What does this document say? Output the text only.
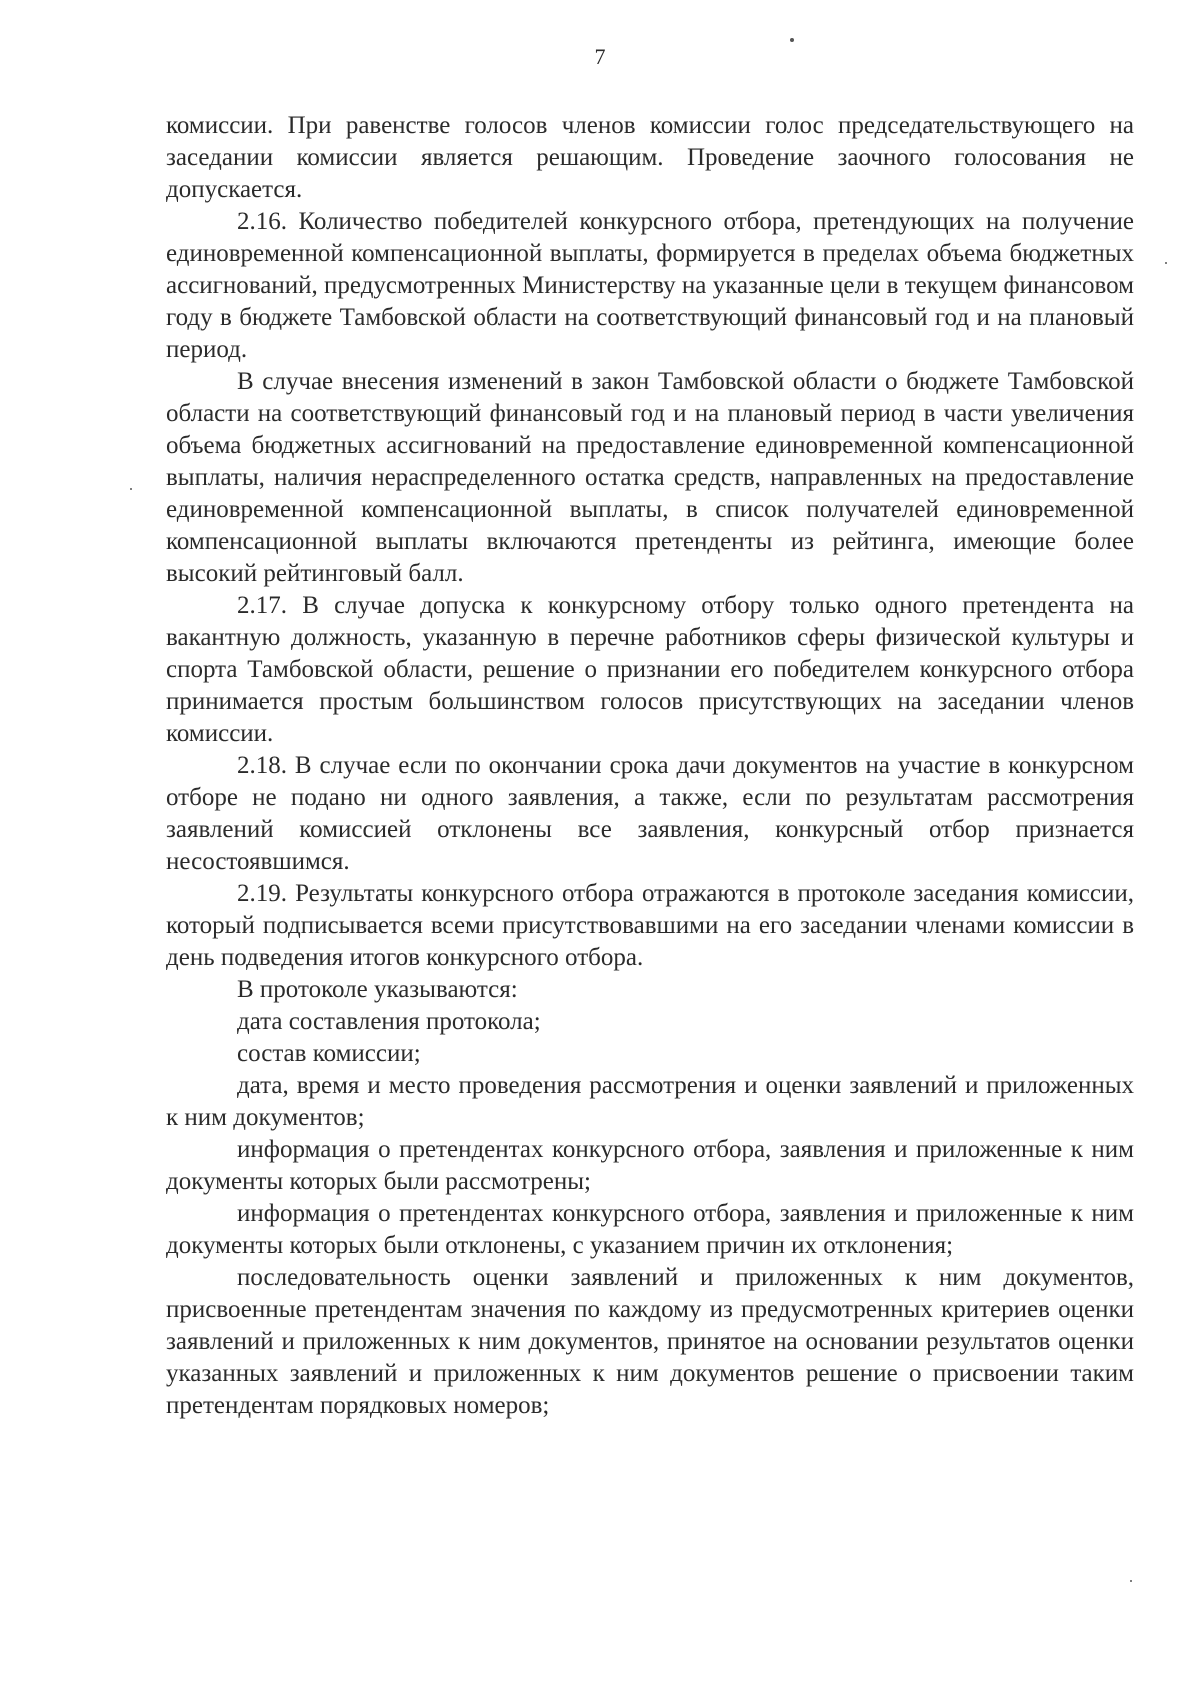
7

комиссии. При равенстве голосов членов комиссии голос председательствующего на заседании комиссии является решающим. Проведение заочного голосования не допускается.

2.16. Количество победителей конкурсного отбора, претендующих на получение единовременной компенсационной выплаты, формируется в пределах объема бюджетных ассигнований, предусмотренных Министерству на указанные цели в текущем финансовом году в бюджете Тамбовской области на соответствующий финансовый год и на плановый период.

В случае внесения изменений в закон Тамбовской области о бюджете Тамбовской области на соответствующий финансовый год и на плановый период в части увеличения объема бюджетных ассигнований на предоставление единовременной компенсационной выплаты, наличия нераспределенного остатка средств, направленных на предоставление единовременной компенсационной выплаты, в список получателей единовременной компенсационной выплаты включаются претенденты из рейтинга, имеющие более высокий рейтинговый балл.

2.17. В случае допуска к конкурсному отбору только одного претендента на вакантную должность, указанную в перечне работников сферы физической культуры и спорта Тамбовской области, решение о признании его победителем конкурсного отбора принимается простым большинством голосов присутствующих на заседании членов комиссии.

2.18. В случае если по окончании срока дачи документов на участие в конкурсном отборе не подано ни одного заявления, а также, если по результатам рассмотрения заявлений комиссией отклонены все заявления, конкурсный отбор признается несостоявшимся.

2.19. Результаты конкурсного отбора отражаются в протоколе заседания комиссии, который подписывается всеми присутствовавшими на его заседании членами комиссии в день подведения итогов конкурсного отбора.

В протоколе указываются:

дата составления протокола;

состав комиссии;

дата, время и место проведения рассмотрения и оценки заявлений и приложенных к ним документов;

информация о претендентах конкурсного отбора, заявления и приложенные к ним документы которых были рассмотрены;

информация о претендентах конкурсного отбора, заявления и приложенные к ним документы которых были отклонены, с указанием причин их отклонения;

последовательность оценки заявлений и приложенных к ним документов, присвоенные претендентам значения по каждому из предусмотренных критериев оценки заявлений и приложенных к ним документов, принятое на основании результатов оценки указанных заявлений и приложенных к ним документов решение о присвоении таким претендентам порядковых номеров;
